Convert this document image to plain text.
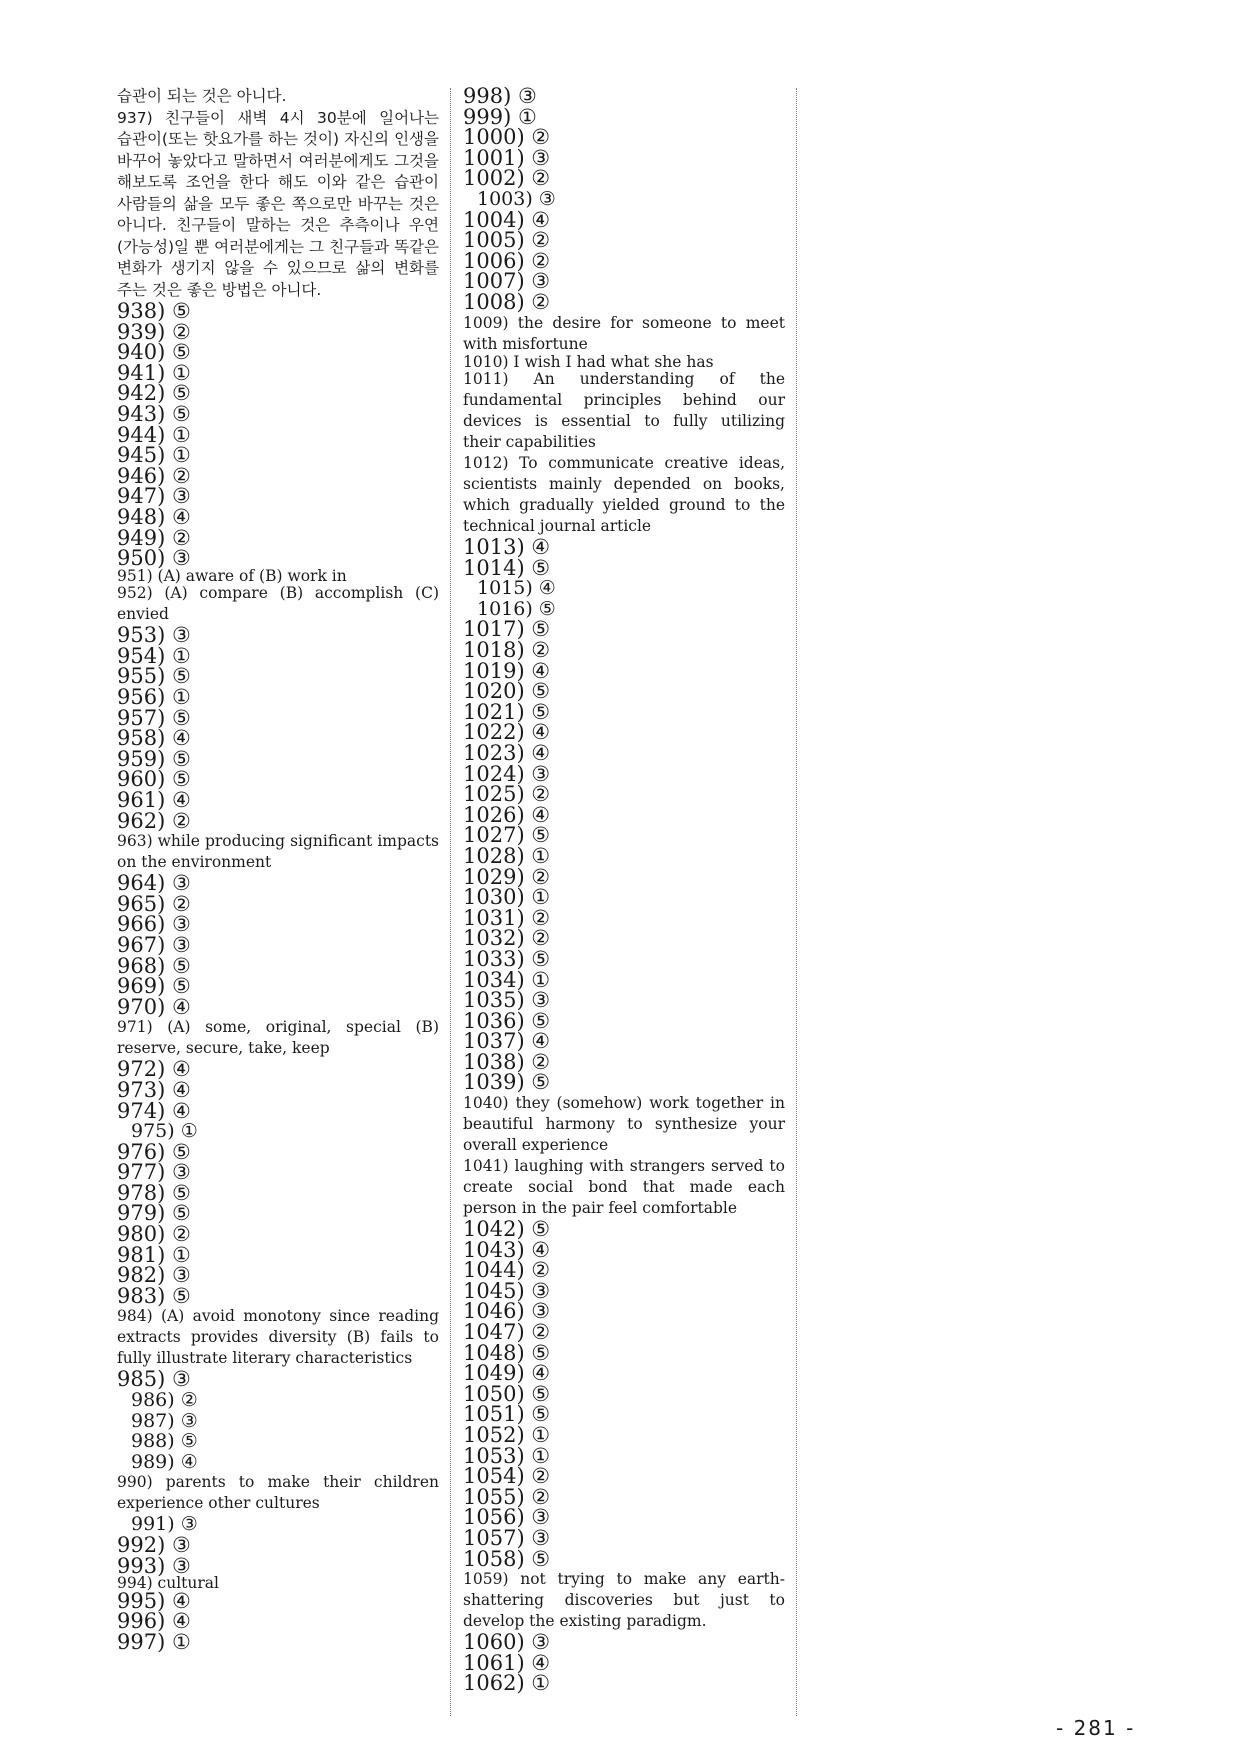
습관이 되는 것은 아니다.
937) 친구들이 새벽 4시 30분에 일어나는 습관이(또는 핫요가를 하는 것이) 자신의 인생을 바꾸어 놓았다고 말하면서 여러분에게도 그것을 해보도록 조언을 한다 해도 이와 같은 습관이 사람들의 삶을 모두 좋은 쪽으로만 바꾸는 것은 아니다. 친구들이 말하는 것은 추측이나 우연(가능성)일 뿐 여러분에게는 그 친구들과 똑같은 변화가 생기지 않을 수 있으므로 삶의 변화를 주는 것은 좋은 방법은 아니다.
938) ⑤
939) ②
940) ⑤
941) ①
942) ⑤
943) ⑤
944) ①
945) ①
946) ②
947) ③
948) ④
949) ②
950) ③
951) (A) aware of (B) work in
952) (A) compare (B) accomplish (C) envied
953) ③
954) ①
955) ⑤
956) ①
957) ⑤
958) ④
959) ⑤
960) ⑤
961) ④
962) ②
963) while producing significant impacts on the environment
964) ③
965) ②
966) ③
967) ③
968) ⑤
969) ⑤
970) ④
971) (A) some, original, special (B) reserve, secure, take, keep
972) ④
973) ④
974) ④
975) ①
976) ⑤
977) ③
978) ⑤
979) ⑤
980) ②
981) ①
982) ③
983) ⑤
984) (A) avoid monotony since reading extracts provides diversity (B) fails to fully illustrate literary characteristics
985) ③
986) ②
987) ③
988) ⑤
989) ④
990) parents to make their children experience other cultures
991) ③
992) ③
993) ③
994) cultural
995) ④
996) ④
997) ①
998) ③
999) ①
1000) ②
1001) ③
1002) ②
1003) ③
1004) ④
1005) ②
1006) ②
1007) ③
1008) ②
1009) the desire for someone to meet with misfortune
1010) I wish I had what she has
1011) An understanding of the fundamental principles behind our devices is essential to fully utilizing their capabilities
1012) To communicate creative ideas, scientists mainly depended on books, which gradually yielded ground to the technical journal article
1013) ④
1014) ⑤
1015) ④
1016) ⑤
1017) ⑤
1018) ②
1019) ④
1020) ⑤
1021) ⑤
1022) ④
1023) ④
1024) ③
1025) ②
1026) ④
1027) ⑤
1028) ①
1029) ②
1030) ①
1031) ②
1032) ②
1033) ⑤
1034) ①
1035) ③
1036) ⑤
1037) ④
1038) ②
1039) ⑤
1040) they (somehow) work together in beautiful harmony to synthesize your overall experience
1041) laughing with strangers served to create social bond that made each person in the pair feel comfortable
1042) ⑤
1043) ④
1044) ②
1045) ③
1046) ③
1047) ②
1048) ⑤
1049) ④
1050) ⑤
1051) ⑤
1052) ①
1053) ①
1054) ②
1055) ②
1056) ③
1057) ③
1058) ⑤
1059) not trying to make any earth-shattering discoveries but just to develop the existing paradigm.
1060) ③
1061) ④
1062) ①
- 281 -
